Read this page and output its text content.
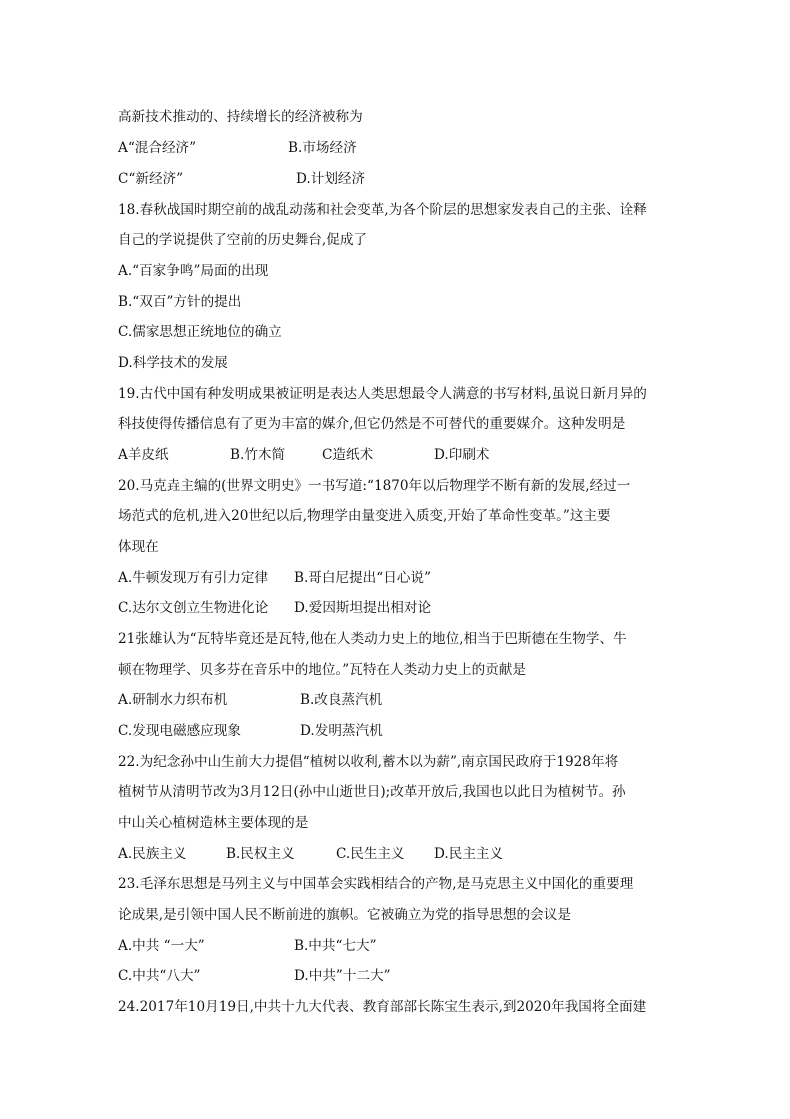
高新技术推动的、持续增长的经济被称为
A“混合经济”	B.市场经济
C“新经济”	D.计划经济
18.春秋战国时期空前的战乱动荡和社会变革,为各个阶层的思想家发表自己的主张、诠释
自己的学说提供了空前的历史舞台,促成了
A.“百家争鸣”局面的出现
B.“双百”方针的提出
C.儒家思想正统地位的确立
D.科学技术的发展
19.古代中国有种发明成果被证明是表达人类思想最令人满意的书写材料,虽说日新月异的
科技使得传播信息有了更为丰富的媒介,但它仍然是不可替代的重要媒介。这种发明是
A羊皮纸	B.竹木简	C造纸术	D.印刷术
20.马克垚主编的(世界文明史》一书写道:“1870年以后物理学不断有新的发展,经过一
场范式的危机,进入20世纪以后,物理学由量变进入质变,开始了革命性变革。”这主要
体现在
A.牛顿发现万有引力定律 B.哥白尼提出“日心说”
C.达尔文创立生物进化论 D.爱因斯坦提出相对论
21张雄认为“瓦特毕竟还是瓦特,他在人类动力史上的地位,相当于巴斯德在生物学、牛
顿在物理学、贝多芬在音乐中的地位。”瓦特在人类动力史上的贡献是
A.研制水力织布机	B.改良蒸汽机
C.发现电磁感应现象	D.发明蒸汽机
22.为纪念孙中山生前大力提倡“植树以收利,蓄木以为薪”,南京国民政府于1928年将
植树节从清明节改为3月12日(孙中山逝世日);改革开放后,我国也以此日为植树节。孙
中山关心植树造林主要体现的是
A.民族主义	B.民权主义	C.民生主义 D.民主主义
23.毛泽东思想是马列主义与中国革会实践相结合的产物,是马克思主义中国化的重要理
论成果,是引领中国人民不断前进的旗帜。它被确立为党的指导思想的会议是
A.中共 “一大”	B.中共“七大”
C.中共“八大”	D.中共”十二大”
24.2017年10月19日,中共十九大代表、教育部部长陈宝生表示,到2020年我国将全面建
